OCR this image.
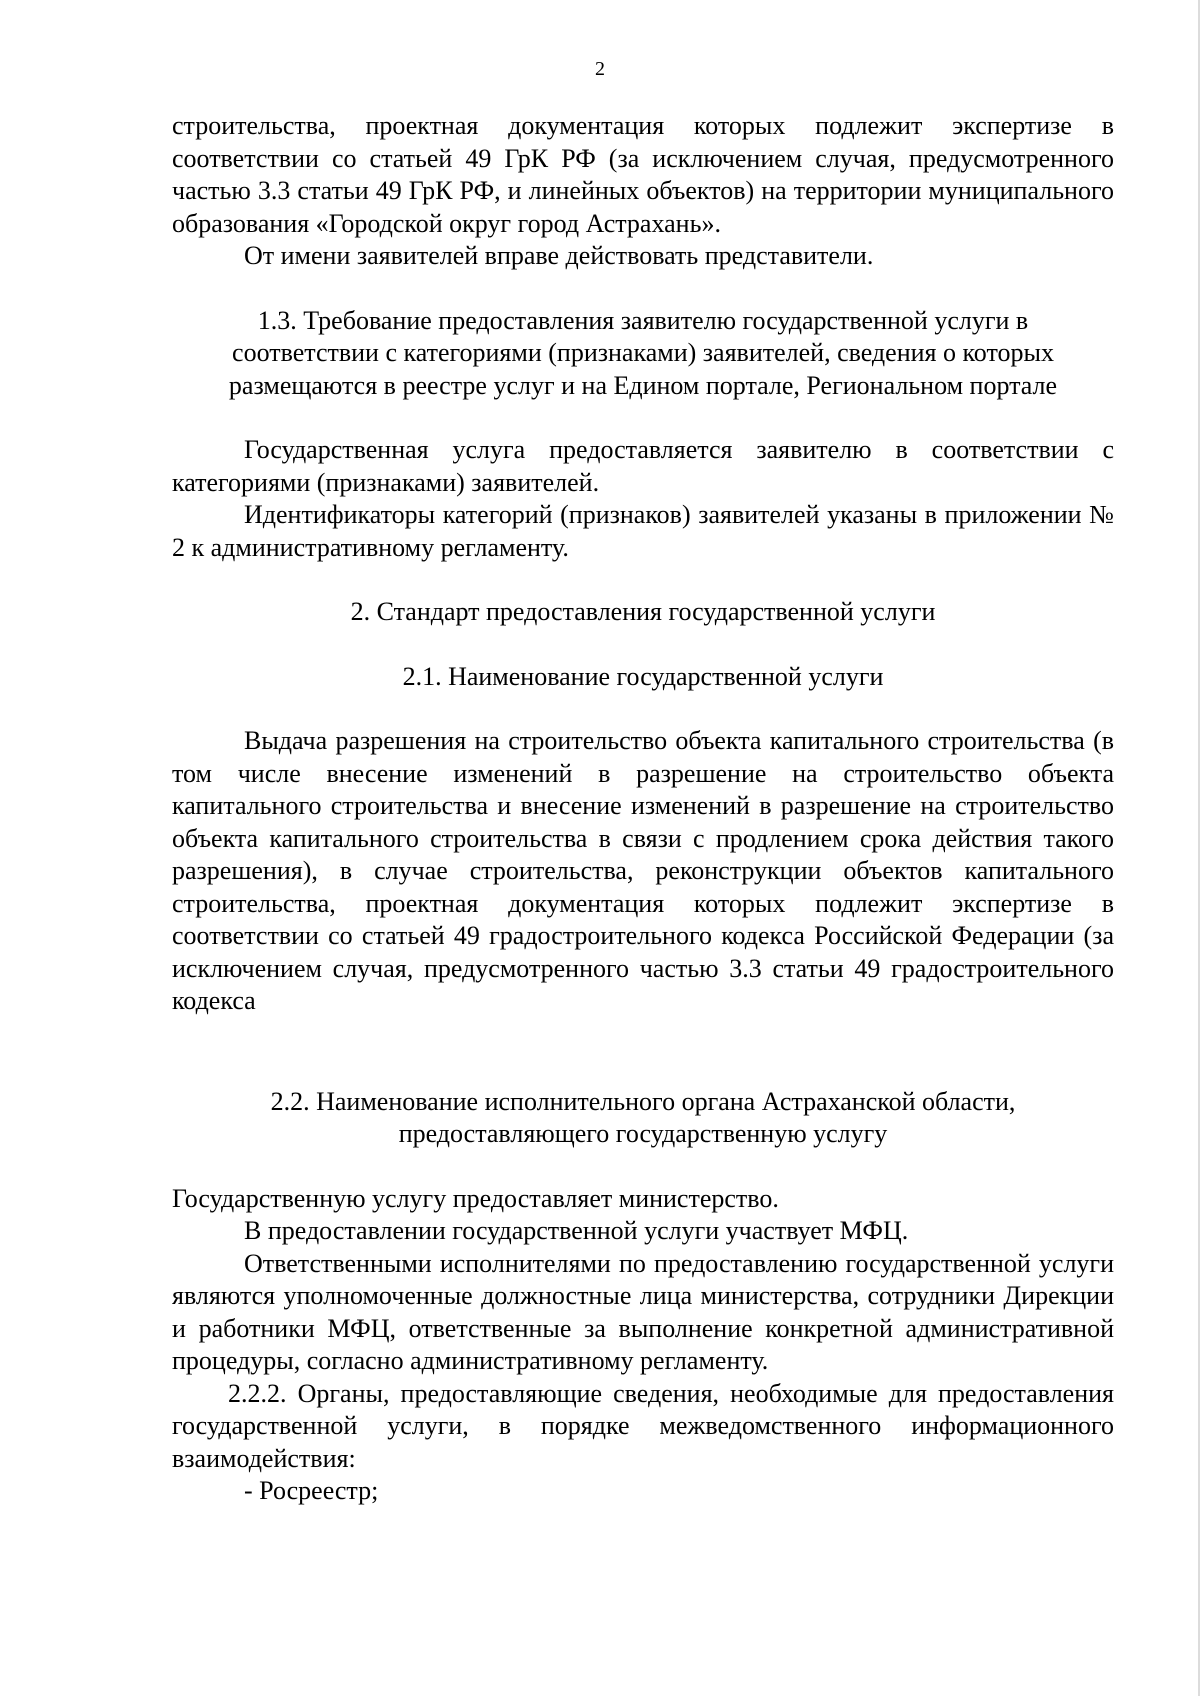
2

строительства, проектная документация которых подлежит экспертизе в соответствии со статьей 49 ГрК РФ (за исключением случая, предусмотренного частью 3.3 статьи 49 ГрК РФ, и линейных объектов) на территории муниципального образования «Городской округ город Астрахань».

От имени заявителей вправе действовать представители.

1.3. Требование предоставления заявителю государственной услуги в соответствии с категориями (признаками) заявителей, сведения о которых размещаются в реестре услуг и на Едином портале, Региональном портале

Государственная услуга предоставляется заявителю в соответствии с категориями (признаками) заявителей.

Идентификаторы категорий (признаков) заявителей указаны в приложении № 2 к административному регламенту.

2. Стандарт предоставления государственной услуги

2.1. Наименование государственной услуги

Выдача разрешения на строительство объекта капитального строительства (в том числе внесение изменений в разрешение на строительство объекта капитального строительства и внесение изменений в разрешение на строительство объекта капитального строительства в связи с продлением срока действия такого разрешения), в случае строительства, реконструкции объектов капитального строительства, проектная документация которых подлежит экспертизе в соответствии со статьей 49 градостроительного кодекса Российской Федерации (за исключением случая, предусмотренного частью 3.3 статьи 49 градостроительного кодекса

2.2. Наименование исполнительного органа Астраханской области,

предоставляющего государственную услугу

Государственную услугу предоставляет министерство.

В предоставлении государственной услуги участвует МФЦ.

Ответственными исполнителями по предоставлению государственной услуги являются уполномоченные должностные лица министерства, сотрудники Дирекции и работники МФЦ, ответственные за выполнение конкретной административной процедуры, согласно административному регламенту.

2.2.2. Органы, предоставляющие сведения, необходимые для предоставления государственной услуги, в порядке межведомственного информационного взаимодействия:

- Росреестр;
